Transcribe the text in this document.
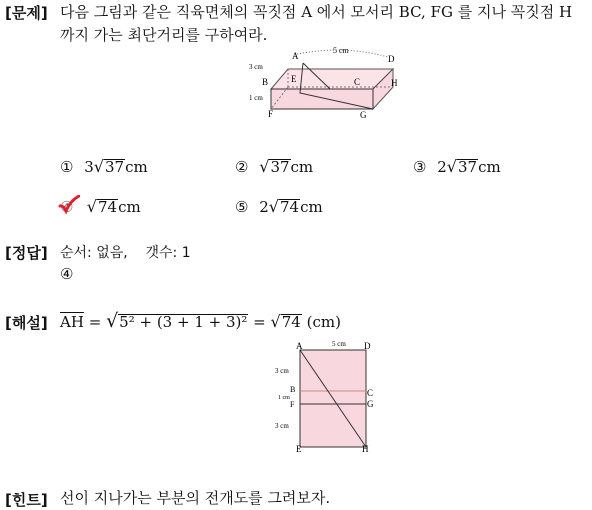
[문제] 다음 그림과 같은 직육면체의 꼭짓점 A 에서 모서리 BC, FG 를 지나 꼭짓점 H
까지 가는 최단거리를 구하여라.
A	D
B	E	C	H
F	G
5 cm
3 cm
1 cm
① 3√37cm	② √37cm	③ 2√37cm
④ √74cm	⑤ 2√74cm
[정답] 순서: 없음,    갯수: 1
④
[해설] $\overline{AH} = √5^2 + (3 + 1 + 3)^2 = √74$ (cm)
A	D
B	C
F	G
E	H
5 cm
3 cm
1 cm
3 cm
[힌트] 선이 지나가는 부분의 전개도를 그려보자.
